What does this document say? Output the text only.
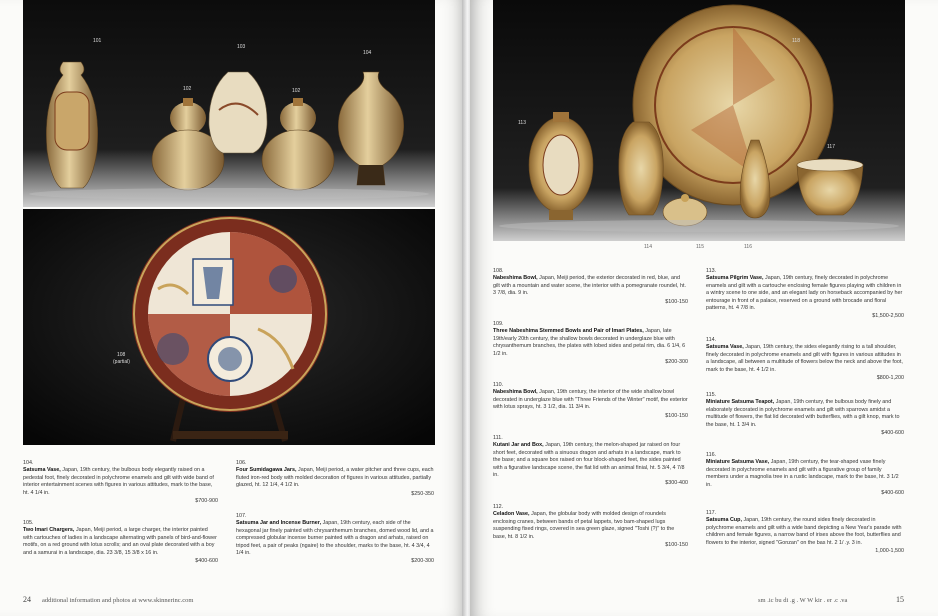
101
102
103
102
104
108
(partial)
104.
Satsuma Vase, Japan, 19th century, the bulbous body elegantly raised on a pedestal foot, finely decorated in polychrome enamels and gilt with wide band of interior entertainment scenes with figures in various attitudes, mark to the base, ht. 4 1/4 in.
$700-900
105.
Two Imari Chargers, Japan, Meiji period, a large charger, the interior painted with cartouches of ladies in a landscape alternating with panels of bird-and-flower motifs, on a red ground with lotus scrolls; and an oval plate decorated with a boy and a samurai in a landscape, dia. 23 3/8, 15 3/8 x 16 in.
$400-600
106.
Four Sumidagawa Jars, Japan, Meiji period, a water pitcher and three cups, each fluted iron-red body with molded decoration of figures in various attitudes, partially glazed, ht. 12 1/4, 4 1/2 in.
$250-350
107.
Satsuma Jar and Incense Burner, Japan, 19th century, each side of the hexagonal jar finely painted with chrysanthemum branches, domed wood lid, and a compressed globular incense burner painted with a dragon and arhats, raised on tripod feet, a pair of peaks (ngaire) to the shoulder, marks to the base, ht. 4 3/4, 4 1/4 in.
$200-300
24 additional information and photos at www.skinnerinc.com
118
113
117
114	115	116
108.
Nabeshima Bowl, Japan, Meiji period, the exterior decorated in red, blue, and gilt with a mountain and water scene, the interior with a pomegranate roundel, ht. 3 7/8, dia. 9 in.
$100-150
109.
Three Nabeshima Stemmed Bowls and Pair of Imari Plates, Japan, late 19th/early 20th century, the shallow bowls decorated in underglaze blue with chrysanthemum branches, the plates with lobed sides and petal rim, dia. 6 1/4, 6 1/2 in.
$200-300
110.
Nabeshima Bowl, Japan, 19th century, the interior of the wide shallow bowl decorated in underglaze blue with "Three Friends of the Winter" motif, the exterior with lotus sprays, ht. 3 1/2, dia. 11 3/4 in.
$100-150
111.
Kutani Jar and Box, Japan, 19th century, the melon-shaped jar raised on four short feet, decorated with a sinuous dragon and arhats in a landscape, mark to the base; and a square box raised on four block-shaped feet, the sides painted with a figurative landscape scene, the flat lid with an animal finial, ht. 5 3/4, 4 7/8 in.
$300-400
112.
Celadon Vase, Japan, the globular body with molded design of roundels enclosing cranes, between bands of petal lappets, two bam-shaped lugs suspending fixed rings, covered in sea green glaze, signed "Toshi (?)" to the base, ht. 8 1/2 in.
$100-150
113.
Satsuma Pilgrim Vase, Japan, 19th century, finely decorated in polychrome enamels and gilt with a cartouche enclosing female figures playing with children in a wintry scene to one side, and an elegant lady on horseback accompanied by her entourage in front of a palace, reserved on a ground with brocade and floral patterns, ht. 4 7/8 in.
$1,500-2,500
114.
Satsuma Vase, Japan, 19th century, the sides elegantly rising to a tall shoulder, finely decorated in polychrome enamels and gilt with figures in various attitudes in a landscape, all between a multitude of flowers below the neck and above the foot, mark to the base, ht. 4 1/2 in.
$800-1,200
115.
Miniature Satsuma Teapot, Japan, 19th century, the bulbous body finely and elaborately decorated in polychrome enamels and gilt with sparrows amidst a multitude of flowers, the flat lid decorated with butterflies, with a gilt knop, mark to the base, ht. 1 3/4 in.
$400-600
116.
Miniature Satsuma Vase, Japan, 19th century, the tear-shaped vase finely decorated in polychrome enamels and gilt with a figurative group of family members under a magnolia tree in a rustic landscape, mark to the base, ht. 3 1/2 in.
$400-600
117.
Satsuma Cup, Japan, 19th century, the round sides finely decorated in polychrome enamels and gilt with a wide band depicting a New Year's parade with children and female figures, a narrow band of irises above the foot, butterflies and flowers to the interior, signed "Gonzan" on the bas ht. 2 1/ .y. 3 in.
1,000-1,500
sm .ic bu di .g . W W kir . er .c .va	15
